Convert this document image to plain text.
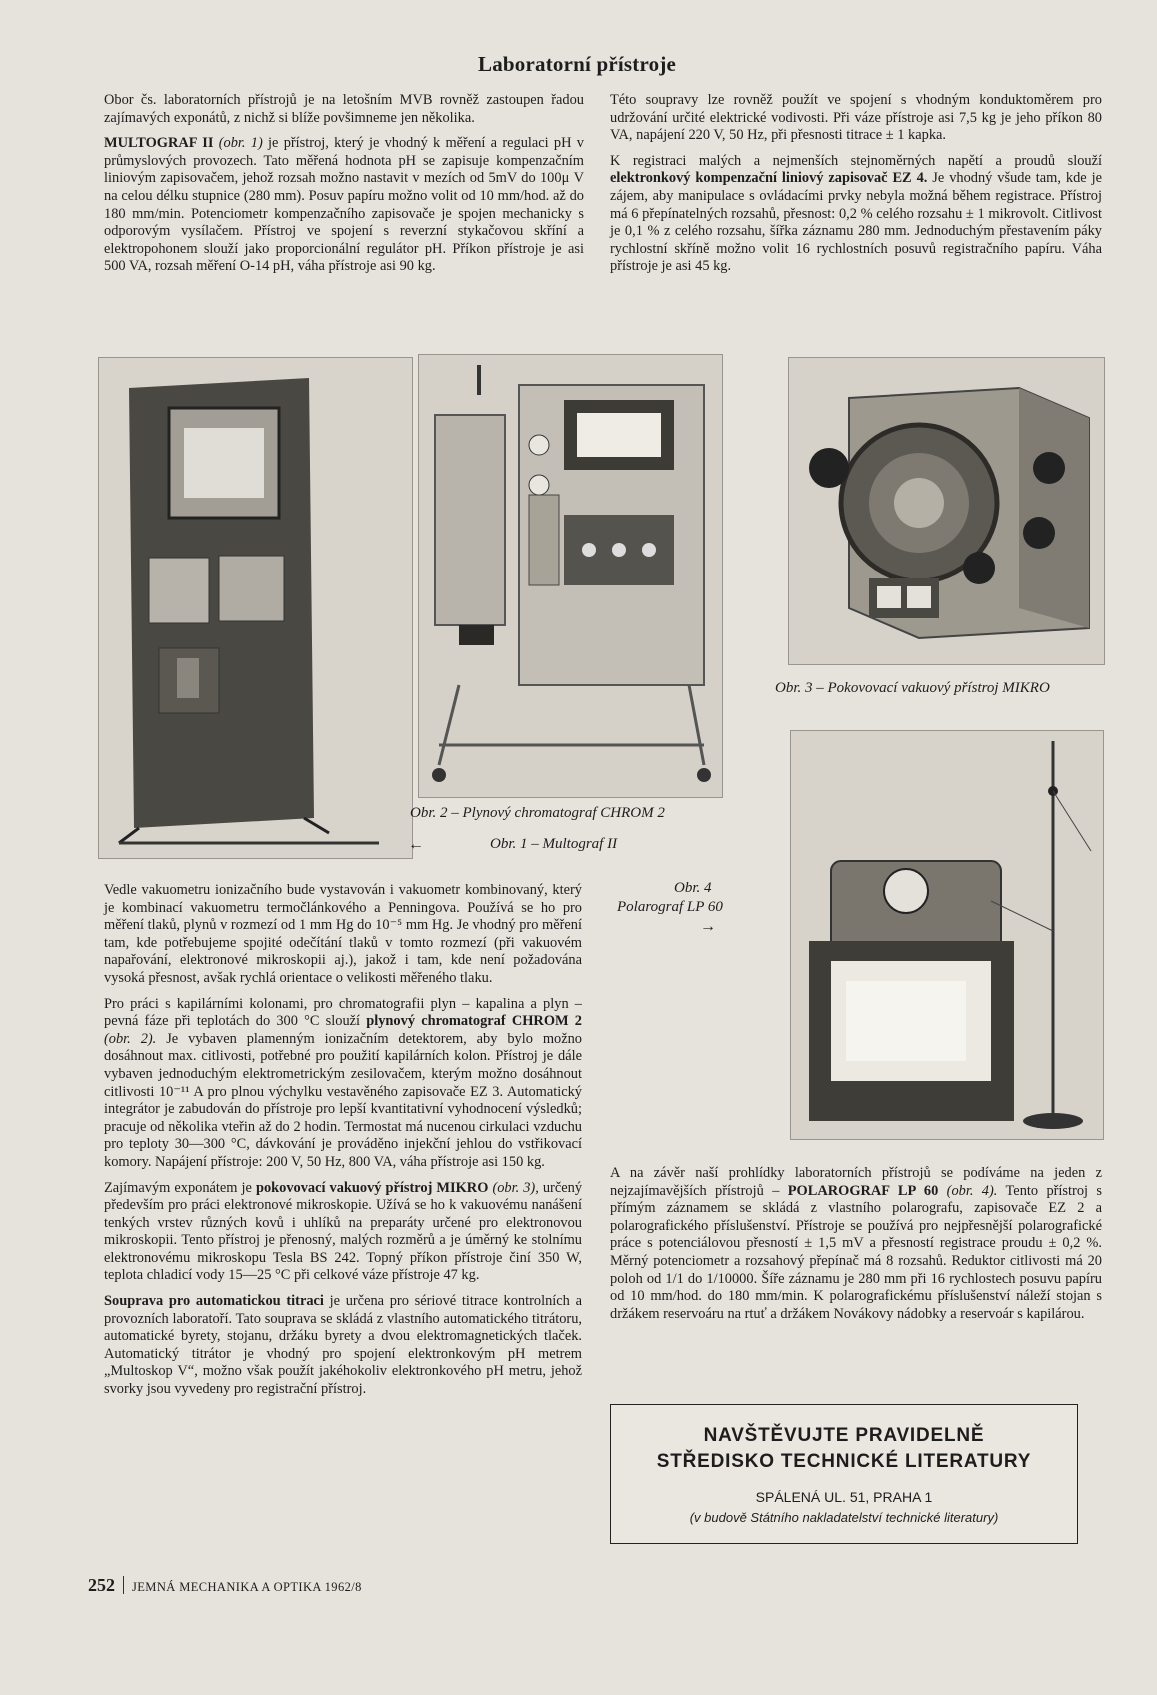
Laboratorní přístroje

Obor čs. laboratorních přístrojů je na letošním MVB rovněž zastoupen řadou zajímavých exponátů, z nichž si blíže povšimneme jen několika.

MULTOGRAF II (obr. 1) je přístroj, který je vhodný k měření a regulaci pH v průmyslových provozech. Tato měřená hodnota pH se zapisuje kompenzačním liniovým zapisovačem, jehož rozsah možno nastavit v mezích od 5mV do 100μ V na celou délku stupnice (280 mm). Posuv papíru možno volit od 10 mm/hod. až do 180 mm/min. Potenciometr kompenzačního zapisovače je spojen mechanicky s odporovým vysílačem. Přístroj ve spojení s reverzní stykačovou skříní a elektropohonem slouží jako proporcionální regulátor pH. Příkon přístroje je asi 500 VA, rozsah měření O-14 pH, váha přístroje asi 90 kg.

Této soupravy lze rovněž použít ve spojení s vhodným konduktoměrem pro udržování určité elektrické vodivosti. Při váze přístroje asi 7,5 kg je jeho příkon 80 VA, napájení 220 V, 50 Hz, při přesnosti titrace ± 1 kapka.

K registraci malých a nejmenších stejnoměrných napětí a proudů slouží elektronkový kompenzační liniový zapisovač EZ 4. Je vhodný všude tam, kde je zájem, aby manipulace s ovládacími prvky nebyla možná během registrace. Přístroj má 6 přepínatelných rozsahů, přesnost: 0,2 % celého rozsahu ± 1 mikrovolt. Citlivost je 0,1 % z celého rozsahu, šířka záznamu 280 mm. Jednoduchým přestavením páky rychlostní skříně možno volit 16 rychlostních posuvů registračního papíru. Váha přístroje je asi 45 kg.

Obr. 2 – Plynový chromatograf CHROM 2
←	Obr. 1 – Multograf II
Obr. 3 – Pokovovací vakuový přístroj MIKRO
Obr. 4
Polarograf LP 60
→

Vedle vakuometru ionizačního bude vystavován i vakuometr kombinovaný, který je kombinací vakuometru termočlánkového a Penningova. Používá se ho pro měření tlaků, plynů v rozmezí od 1 mm Hg do 10⁻⁵ mm Hg. Je vhodný pro měření tam, kde potřebujeme spojité odečítání tlaků v tomto rozmezí (při vakuovém napařování, elektronové mikroskopii aj.), jakož i tam, kde není požadována vysoká přesnost, avšak rychlá orientace o velikosti měřeného tlaku.

Pro práci s kapilárními kolonami, pro chromatografii plyn – kapalina a plyn – pevná fáze při teplotách do 300 °C slouží plynový chromatograf CHROM 2 (obr. 2). Je vybaven plamenným ionizačním detektorem, aby bylo možno dosáhnout max. citlivosti, potřebné pro použití kapilárních kolon. Přístroj je dále vybaven jednoduchým elektrometrickým zesilovačem, kterým možno dosáhnout citlivosti 10⁻¹¹ A pro plnou výchylku vestavěného zapisovače EZ 3. Automatický integrátor je zabudován do přístroje pro lepší kvantitativní vyhodnocení výsledků; pracuje od několika vteřin až do 2 hodin. Termostat má nucenou cirkulaci vzduchu pro teploty 30—300 °C, dávkování je prováděno injekční jehlou do vstřikovací komory. Napájení přístroje: 200 V, 50 Hz, 800 VA, váha přístroje asi 150 kg.

Zajímavým exponátem je pokovovací vakuový přístroj MIKRO (obr. 3), určený především pro práci elektronové mikroskopie. Užívá se ho k vakuovému nanášení tenkých vrstev různých kovů i uhlíků na preparáty určené pro elektronovou mikroskopii. Tento přístroj je přenosný, malých rozměrů a je úměrný ke stolnímu elektronovému mikroskopu Tesla BS 242. Topný příkon přístroje činí 350 W, teplota chladicí vody 15—25 °C při celkové váze přístroje 47 kg.

Souprava pro automatickou titraci je určena pro sériové titrace kontrolních a provozních laboratoří. Tato souprava se skládá z vlastního automatického titrátoru, automatické byrety, stojanu, držáku byrety a dvou elektromagnetických tlaček. Automatický titrátor je vhodný pro spojení elektronkovým pH metrem „Multoskop V“, možno však použít jakéhokoliv elektronkového pH metru, jehož svorky jsou vyvedeny pro registrační přístroj.

A na závěr naší prohlídky laboratorních přístrojů se podíváme na jeden z nejzajímavějších přístrojů – POLAROGRAF LP 60 (obr. 4). Tento přístroj s přímým záznamem se skládá z vlastního polarografu, zapisovače EZ 2 a polarografického příslušenství. Přístroje se používá pro nejpřesnější polarografické práce s potenciálovou přesností ± 1,5 mV a přesností registrace proudu ± 0,2 %. Měrný potenciometr a rozsahový přepínač má 8 rozsahů. Reduktor citlivosti má 20 poloh od 1/1 do 1/10000. Šíře záznamu je 280 mm při 16 rychlostech posuvu papíru od 10 mm/hod. do 180 mm/min. K polarografickému příslušenství náleží stojan s držákem reservoáru na rtuť a držákem Novákovy nádobky a reservoár s kapilárou.

NAVŠTĚVUJTE PRAVIDELNĚ
STŘEDISKO TECHNICKÉ LITERATURY
SPÁLENÁ UL. 51, PRAHA 1
(v budově Státního nakladatelství technické literatury)
252 JEMNÁ MECHANIKA A OPTIKA 1962/8
